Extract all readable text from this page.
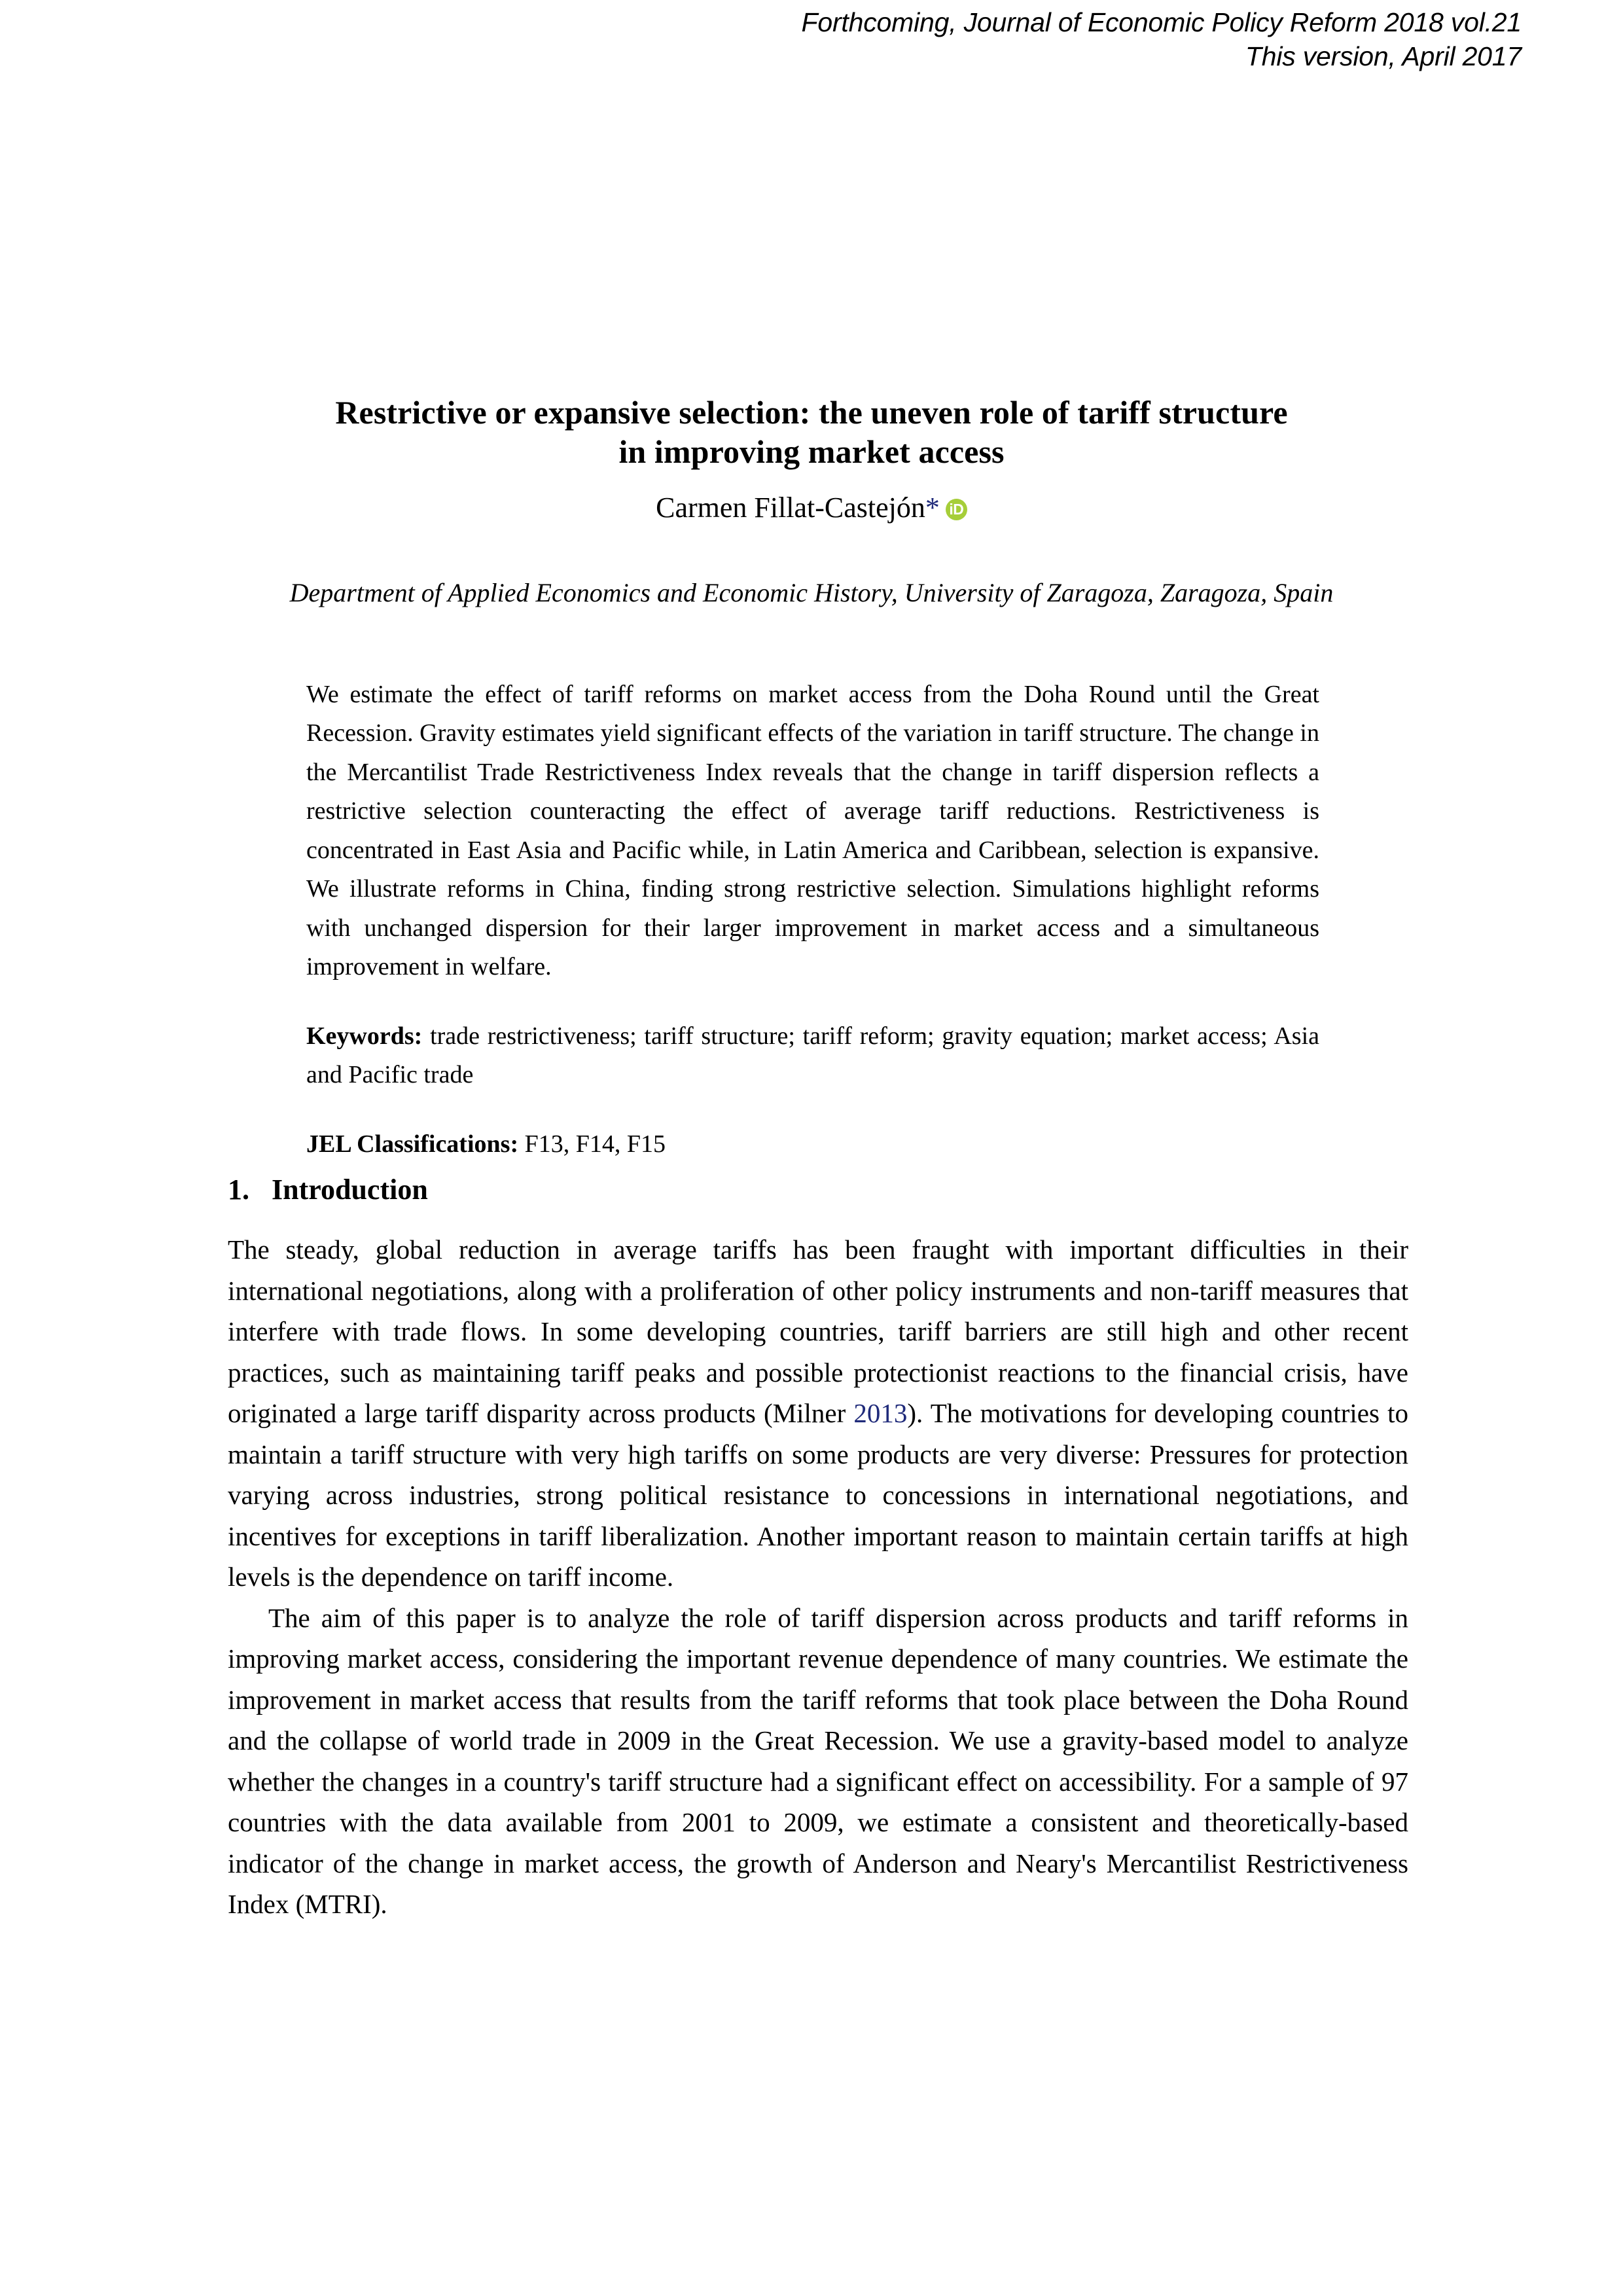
Forthcoming, Journal of Economic Policy Reform 2018 vol.21
This version, April 2017
Restrictive or expansive selection: the uneven role of tariff structure
in improving market access
Carmen Fillat-Castejón* iD
Department of Applied Economics and Economic History, University of Zaragoza, Zaragoza, Spain

We estimate the effect of tariff reforms on market access from the Doha Round until the Great Recession. Gravity estimates yield significant effects of the variation in tariff structure. The change in the Mercantilist Trade Restrictiveness Index reveals that the change in tariff dispersion reflects a restrictive selection counteracting the effect of average tariff reductions. Restrictiveness is concentrated in East Asia and Pacific while, in Latin America and Caribbean, selection is expansive. We illustrate reforms in China, finding strong restrictive selection. Simulations highlight reforms with unchanged dispersion for their larger improvement in market access and a simultaneous improvement in welfare.

Keywords: trade restrictiveness; tariff structure; tariff reform; gravity equation; market access; Asia and Pacific trade

JEL Classifications: F13, F14, F15

1. Introduction

The steady, global reduction in average tariffs has been fraught with important difficulties in their international negotiations, along with a proliferation of other policy instruments and non-tariff measures that interfere with trade flows. In some developing countries, tariff barriers are still high and other recent practices, such as maintaining tariff peaks and possible protectionist reactions to the financial crisis, have originated a large tariff disparity across products (Milner 2013). The motivations for developing countries to maintain a tariff structure with very high tariffs on some products are very diverse: Pressures for protection varying across industries, strong political resistance to concessions in international negotiations, and incentives for exceptions in tariff liberalization. Another important reason to maintain certain tariffs at high levels is the dependence on tariff income.

The aim of this paper is to analyze the role of tariff dispersion across products and tariff reforms in improving market access, considering the important revenue dependence of many countries. We estimate the improvement in market access that results from the tariff reforms that took place between the Doha Round and the collapse of world trade in 2009 in the Great Recession. We use a gravity-based model to analyze whether the changes in a country's tariff structure had a significant effect on accessibility. For a sample of 97 countries with the data available from 2001 to 2009, we estimate a consistent and theoretically-based indicator of the change in market access, the growth of Anderson and Neary's Mercantilist Restrictiveness Index (MTRI).
